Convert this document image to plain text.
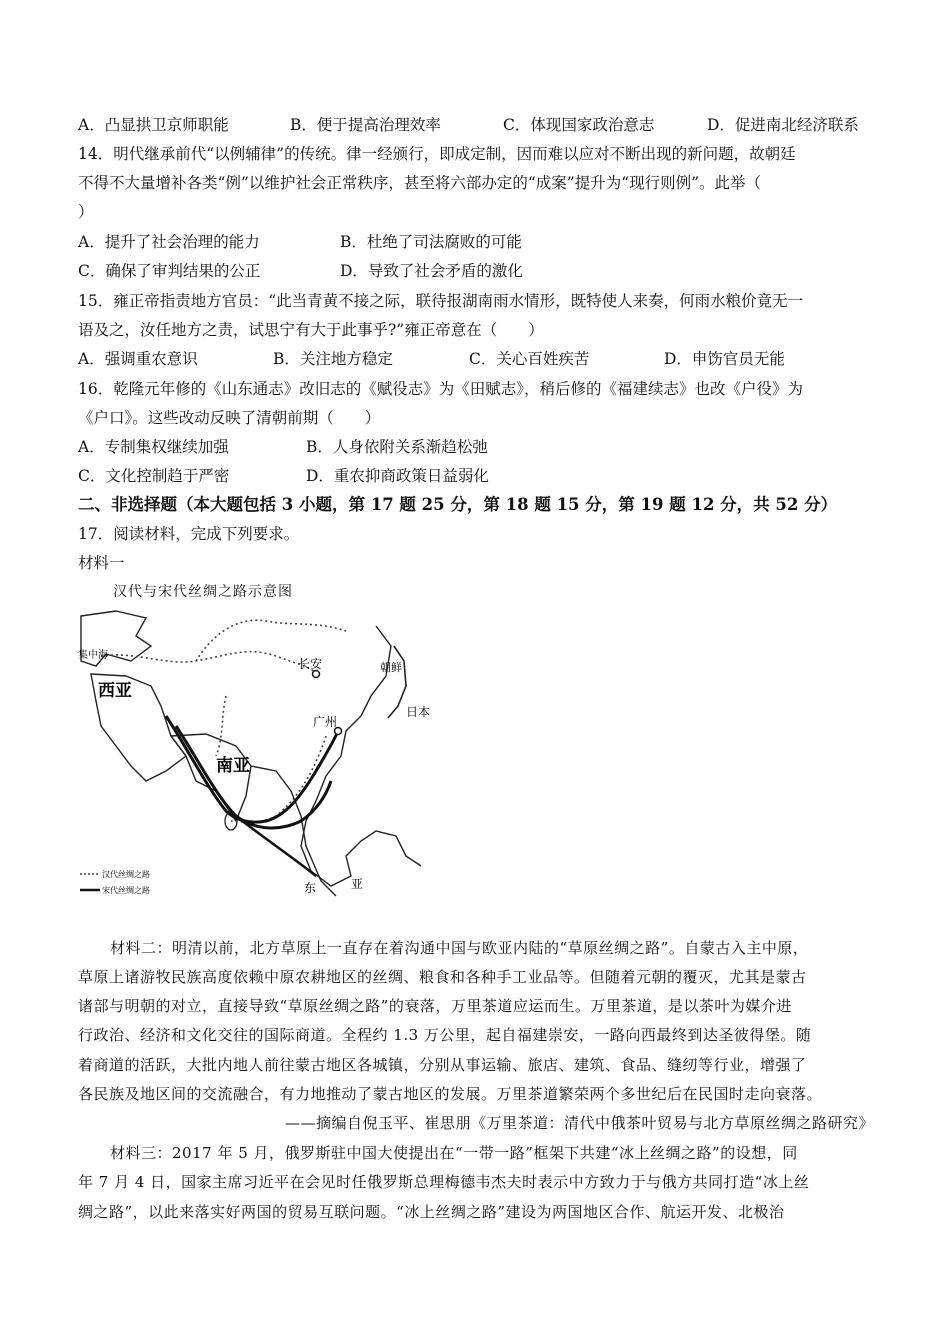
A．凸显拱卫京师职能	B．便于提高治理效率	C．体现国家政治意志	D．促进南北经济联系
14．明代继承前代“以例辅律”的传统。律一经颁行，即成定制，因而难以应对不断出现的新问题，故朝廷
不得不大量增补各类“例”以维护社会正常秩序，甚至将六部办定的“成案”提升为“现行则例”。此举（
）
A．提升了社会治理的能力	B．杜绝了司法腐败的可能
C．确保了审判结果的公正	D．导致了社会矛盾的激化
15．雍正帝指责地方官员：“此当青黄不接之际，联待报湖南雨水情形，既特使人来奏，何雨水粮价竟无一
语及之，汝任地方之责，试思宁有大于此事乎?”雍正帝意在（　　）
A．强调重农意识	B．关注地方稳定	C．关心百姓疾苦	D．申饬官员无能
16．乾隆元年修的《山东通志》改旧志的《赋役志》为《田赋志》，稍后修的《福建续志》也改《户役》为
《户口》。这些改动反映了清朝前期（　　）
A．专制集权继续加强	B．人身依附关系渐趋松弛
C．文化控制趋于严密	D．重农抑商政策日益弱化
二、非选择题（本大题包括 3 小题，第 17 题 25 分，第 18 题 15 分，第 19 题 12 分，共 52 分）
17．阅读材料，完成下列要求。
材料一
汉代与宋代丝绸之路示意图
集中海
西亚
南亚
长安
广州
朝鲜
日本
东	亚
汉代丝绸之路
宋代丝绸之路
材料二：明清以前，北方草原上一直存在着沟通中国与欧亚内陆的“草原丝绸之路”。自蒙古入主中原，
草原上诸游牧民族高度依赖中原农耕地区的丝绸、粮食和各种手工业品等。但随着元朝的覆灭，尤其是蒙古
诸部与明朝的对立，直接导致“草原丝绸之路”的衰落，万里茶道应运而生。万里茶道，是以茶叶为媒介进
行政治、经济和文化交往的国际商道。全程约 1.3 万公里，起自福建崇安，一路向西最终到达圣彼得堡。随
着商道的活跃，大批内地人前往蒙古地区各城镇，分别从事运输、旅店、建筑、食品、缝纫等行业，增强了
各民族及地区间的交流融合，有力地推动了蒙古地区的发展。万里茶道繁荣两个多世纪后在民国时走向衰落。
——摘编自倪玉平、崔思朋《万里茶道：清代中俄茶叶贸易与北方草原丝绸之路研究》
材料三：2017 年 5 月，俄罗斯驻中国大使提出在“一带一路”框架下共建“冰上丝绸之路”的设想，同
年 7 月 4 日，国家主席习近平在会见时任俄罗斯总理梅德韦杰夫时表示中方致力于与俄方共同打造“冰上丝
绸之路”，以此来落实好两国的贸易互联问题。“冰上丝绸之路”建设为两国地区合作、航运开发、北极治
